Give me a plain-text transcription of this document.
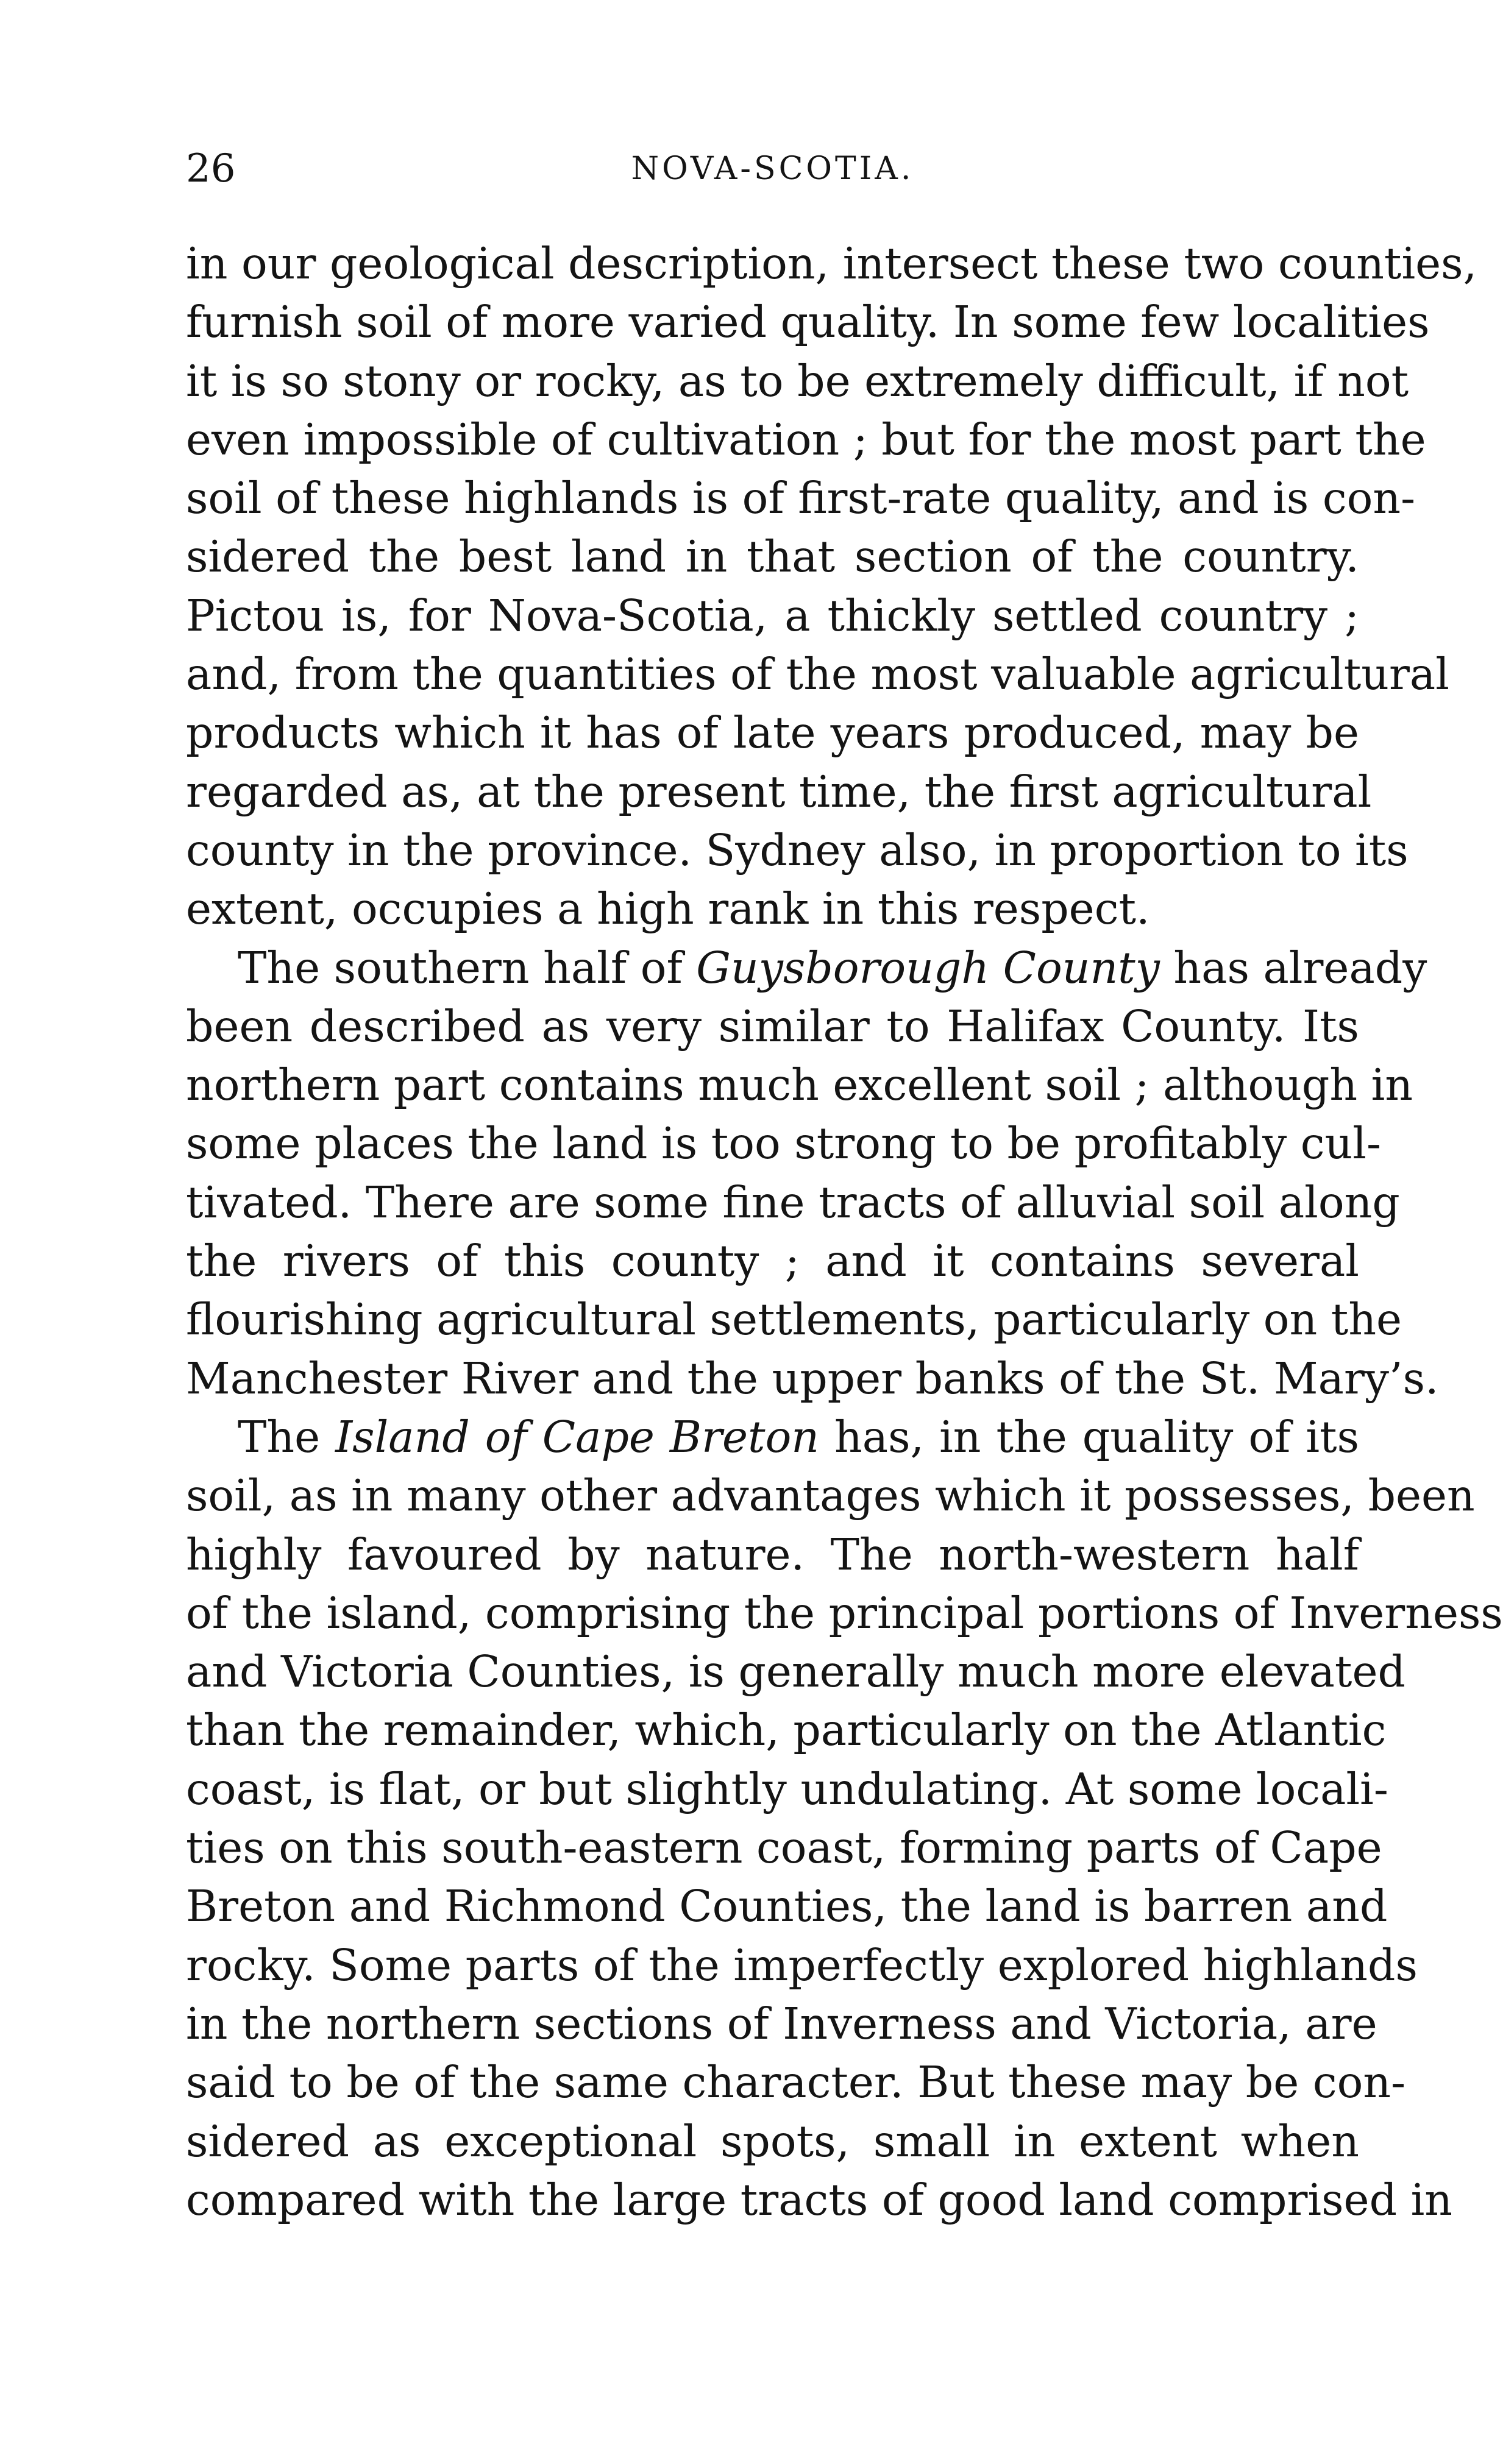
26	NOVA-SCOTIA.
in our geological description, intersect these two counties,
furnish soil of more varied quality. In some few localities
it is so stony or rocky, as to be extremely difficult, if not
even impossible of cultivation ; but for the most part the
soil of these highlands is of first-rate quality, and is con-
sidered the best land in that section of the country.
Pictou is, for Nova-Scotia, a thickly settled country ;
and, from the quantities of the most valuable agricultural
products which it has of late years produced, may be
regarded as, at the present time, the first agricultural
county in the province. Sydney also, in proportion to its
extent, occupies a high rank in this respect.
The southern half of Guysborough County has already
been described as very similar to Halifax County. Its
northern part contains much excellent soil ; although in
some places the land is too strong to be profitably cul-
tivated. There are some fine tracts of alluvial soil along
the rivers of this county ; and it contains several
flourishing agricultural settlements, particularly on the
Manchester River and the upper banks of the St. Mary’s.
The Island of Cape Breton has, in the quality of its
soil, as in many other advantages which it possesses, been
highly favoured by nature. The north-western half
of the island, comprising the principal portions of Inverness
and Victoria Counties, is generally much more elevated
than the remainder, which, particularly on the Atlantic
coast, is flat, or but slightly undulating. At some locali-
ties on this south-eastern coast, forming parts of Cape
Breton and Richmond Counties, the land is barren and
rocky. Some parts of the imperfectly explored highlands
in the northern sections of Inverness and Victoria, are
said to be of the same character. But these may be con-
sidered as exceptional spots, small in extent when
compared with the large tracts of good land comprised in
